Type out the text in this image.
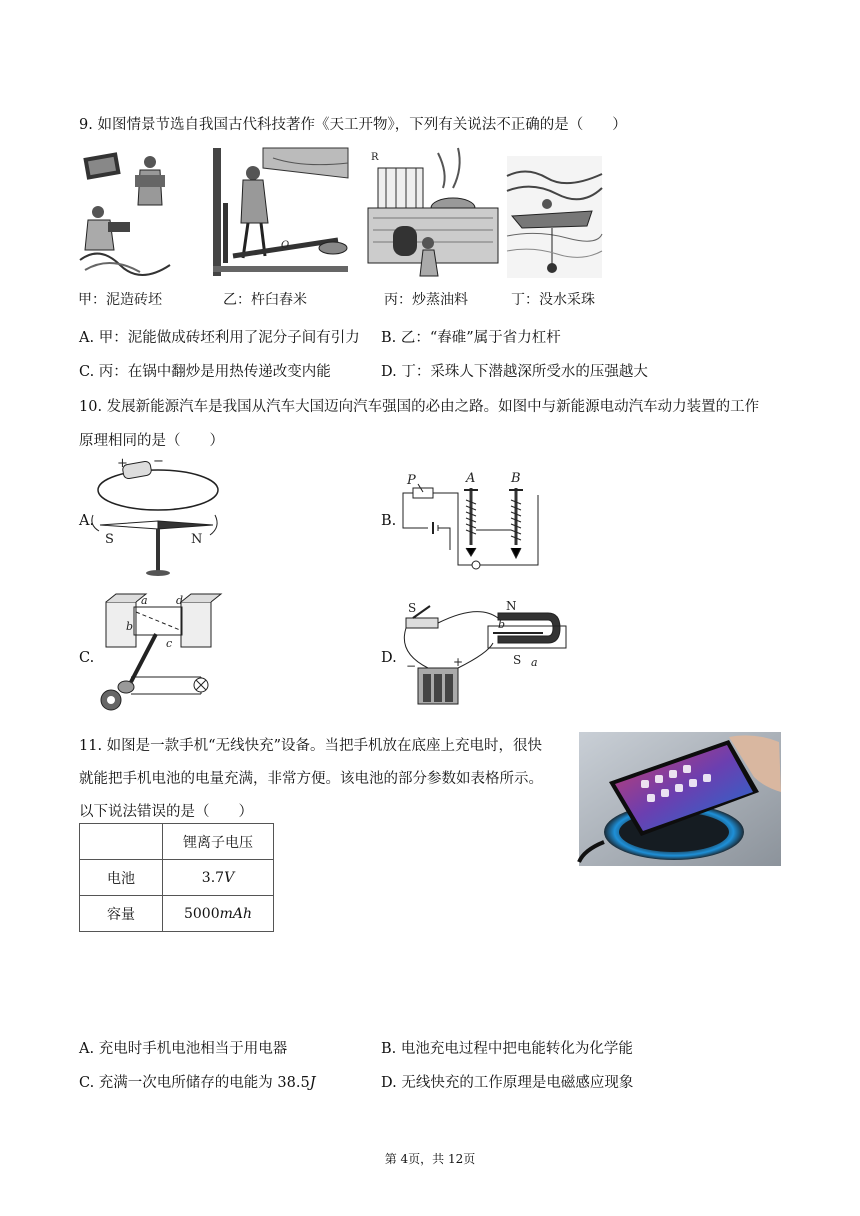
9. 如图情景节选自我国古代科技著作《天工开物》，下列有关说法不正确的是（　　）
O
R
甲：泥造砖坯	乙：杵臼舂米	丙：炒蒸油料	丁：没水采珠
A. 甲：泥能做成砖坯利用了泥分子间有引力 B. 乙：“舂碓”属于省力杠杆
C. 丙：在锅中翻炒是用热传递改变内能	D. 丁：采珠人下潜越深所受水的压强越大
10. 发展新能源汽车是我国从汽车大国迈向汽车强国的必由之路。如图中与新能源电动汽车动力装置的工作
原理相同的是（　　）
A.
+ −
S	N
B.
P	A	B
C.
a	d
b
c
D.
S	N
b
S a
−	+
11. 如图是一款手机“无线快充”设备。当把手机放在底座上充电时，很快
就能把手机电池的电量充满，非常方便。该电池的部分参数如表格所示。
以下说法错误的是（　　）
	锂离子电压
电池	3.7V
容量	5000mAh
A. 充电时手机电池相当于用电器	B. 电池充电过程中把电能转化为化学能
C. 充满一次电所储存的电能为 38.5J	D. 无线快充的工作原理是电磁感应现象
第 4页，共 12页
